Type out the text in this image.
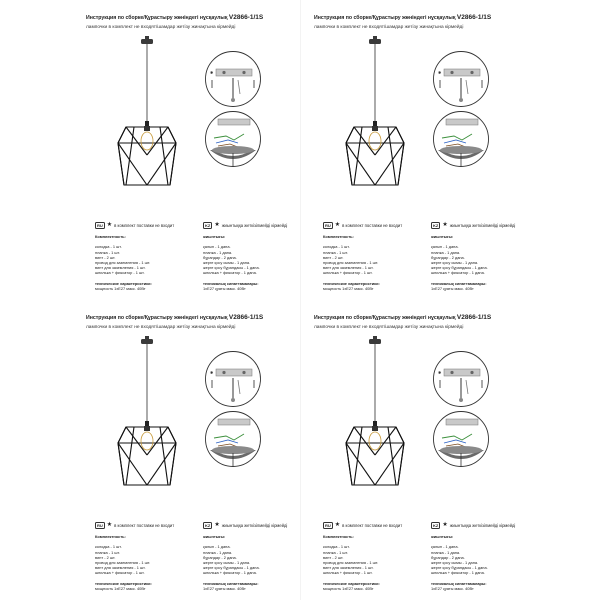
Инструкция по сборке/Құрастыру жөніндегі нұсқаулық V2866-1/1S
лампочки в комплект не входят/шамдар жетізу жинақтына кірмейді
✱
RU ★ в комплект поставки не входит	KZ ★ жиынтыққа жеткізілмейді кірмейді
Комплектность:
колодка - 1 шт.
планка - 1 шт.
винт - 2 шт.
провод для заземления - 1 шт.
винт для заземления - 1 шт.
шпилька + фиксатор - 1 шт.
технические характеристики:
мощность 1хЕ27 макс. 40Вт
жиынтығы:
қалып - 1 дана.
планка - 1 дана.
бұрандар - 2 дана.
жерге қосу сымы - 1 дана.
жерге қосу бұрандасы - 1 дана.
шпилька + фиксатор - 1 дана.
техникалық сипаттамалары:
1хЕ27 қуаты макс. 40Вт
Инструкция по сборке/Құрастыру жөніндегі нұсқаулық V2866-1/1S
лампочки в комплект не входят/шамдар жетізу жинақтына кірмейді
✱
RU ★ в комплект поставки не входит	KZ ★ жиынтыққа жеткізілмейді кірмейді
Комплектность:
колодка - 1 шт.
планка - 1 шт.
винт - 2 шт.
провод для заземления - 1 шт.
винт для заземления - 1 шт.
шпилька + фиксатор - 1 шт.
технические характеристики:
мощность 1хЕ27 макс. 40Вт
жиынтығы:
қалып - 1 дана.
планка - 1 дана.
бұрандар - 2 дана.
жерге қосу сымы - 1 дана.
жерге қосу бұрандасы - 1 дана.
шпилька + фиксатор - 1 дана.
техникалық сипаттамалары:
1хЕ27 қуаты макс. 40Вт
Инструкция по сборке/Құрастыру жөніндегі нұсқаулық V2866-1/1S
лампочки в комплект не входят/шамдар жетізу жинақтына кірмейді
✱
RU ★ в комплект поставки не входит	KZ ★ жиынтыққа жеткізілмейді кірмейді
Комплектность:
колодка - 1 шт.
планка - 1 шт.
винт - 2 шт.
провод для заземления - 1 шт.
винт для заземления - 1 шт.
шпилька + фиксатор - 1 шт.
технические характеристики:
мощность 1хЕ27 макс. 40Вт
жиынтығы:
қалып - 1 дана.
планка - 1 дана.
бұрандар - 2 дана.
жерге қосу сымы - 1 дана.
жерге қосу бұрандасы - 1 дана.
шпилька + фиксатор - 1 дана.
техникалық сипаттамалары:
1хЕ27 қуаты макс. 40Вт
Инструкция по сборке/Құрастыру жөніндегі нұсқаулық V2866-1/1S
лампочки в комплект не входят/шамдар жетізу жинақтына кірмейді
✱
RU ★ в комплект поставки не входит	KZ ★ жиынтыққа жеткізілмейді кірмейді
Комплектность:
колодка - 1 шт.
планка - 1 шт.
винт - 2 шт.
провод для заземления - 1 шт.
винт для заземления - 1 шт.
шпилька + фиксатор - 1 шт.
технические характеристики:
мощность 1хЕ27 макс. 40Вт
жиынтығы:
қалып - 1 дана.
планка - 1 дана.
бұрандар - 2 дана.
жерге қосу сымы - 1 дана.
жерге қосу бұрандасы - 1 дана.
шпилька + фиксатор - 1 дана.
техникалық сипаттамалары:
1хЕ27 қуаты макс. 40Вт
